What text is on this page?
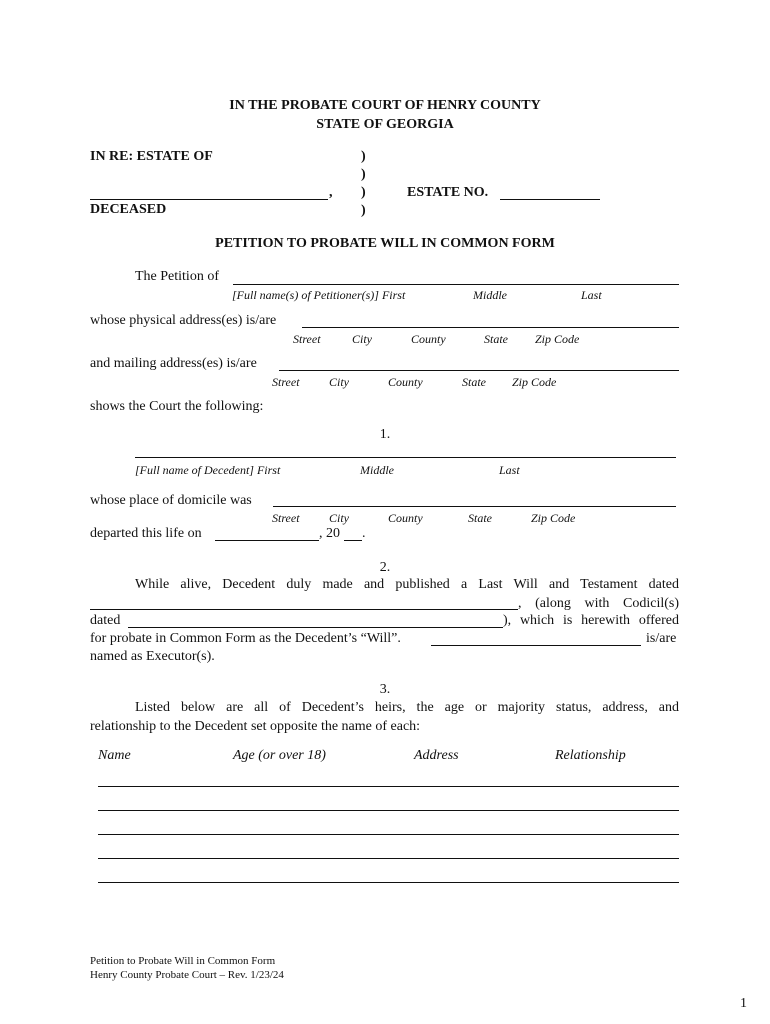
IN THE PROBATE COURT OF HENRY COUNTY
STATE OF GEORGIA
IN RE: ESTATE OF
,
DECEASED
)
)
)
)
ESTATE NO.
PETITION TO PROBATE WILL IN COMMON FORM
The Petition of
[Full name(s) of Petitioner(s)] First	Middle	Last
whose physical address(es) is/are
Street	City	County	State Zip Code
and mailing address(es) is/are
Street City	County	State Zip Code
shows the Court the following:
1.
[Full name of Decedent] First	Middle	Last
whose place of domicile was
Street City	County	State	Zip Code
departed this life on	, 20 .
2.
While alive, Decedent duly made and published a Last Will and Testament dated
, (along with Codicil(s)
dated	), which is herewith offered
for probate in Common Form as the Decedent’s “Will”.	is/are
named as Executor(s).
3.
Listed below are all of Decedent’s heirs, the age or majority status, address, and
relationship to the Decedent set opposite the name of each:
Name	Age (or over 18)	Address	Relationship
Petition to Probate Will in Common Form
Henry County Probate Court – Rev. 1/23/24
1
